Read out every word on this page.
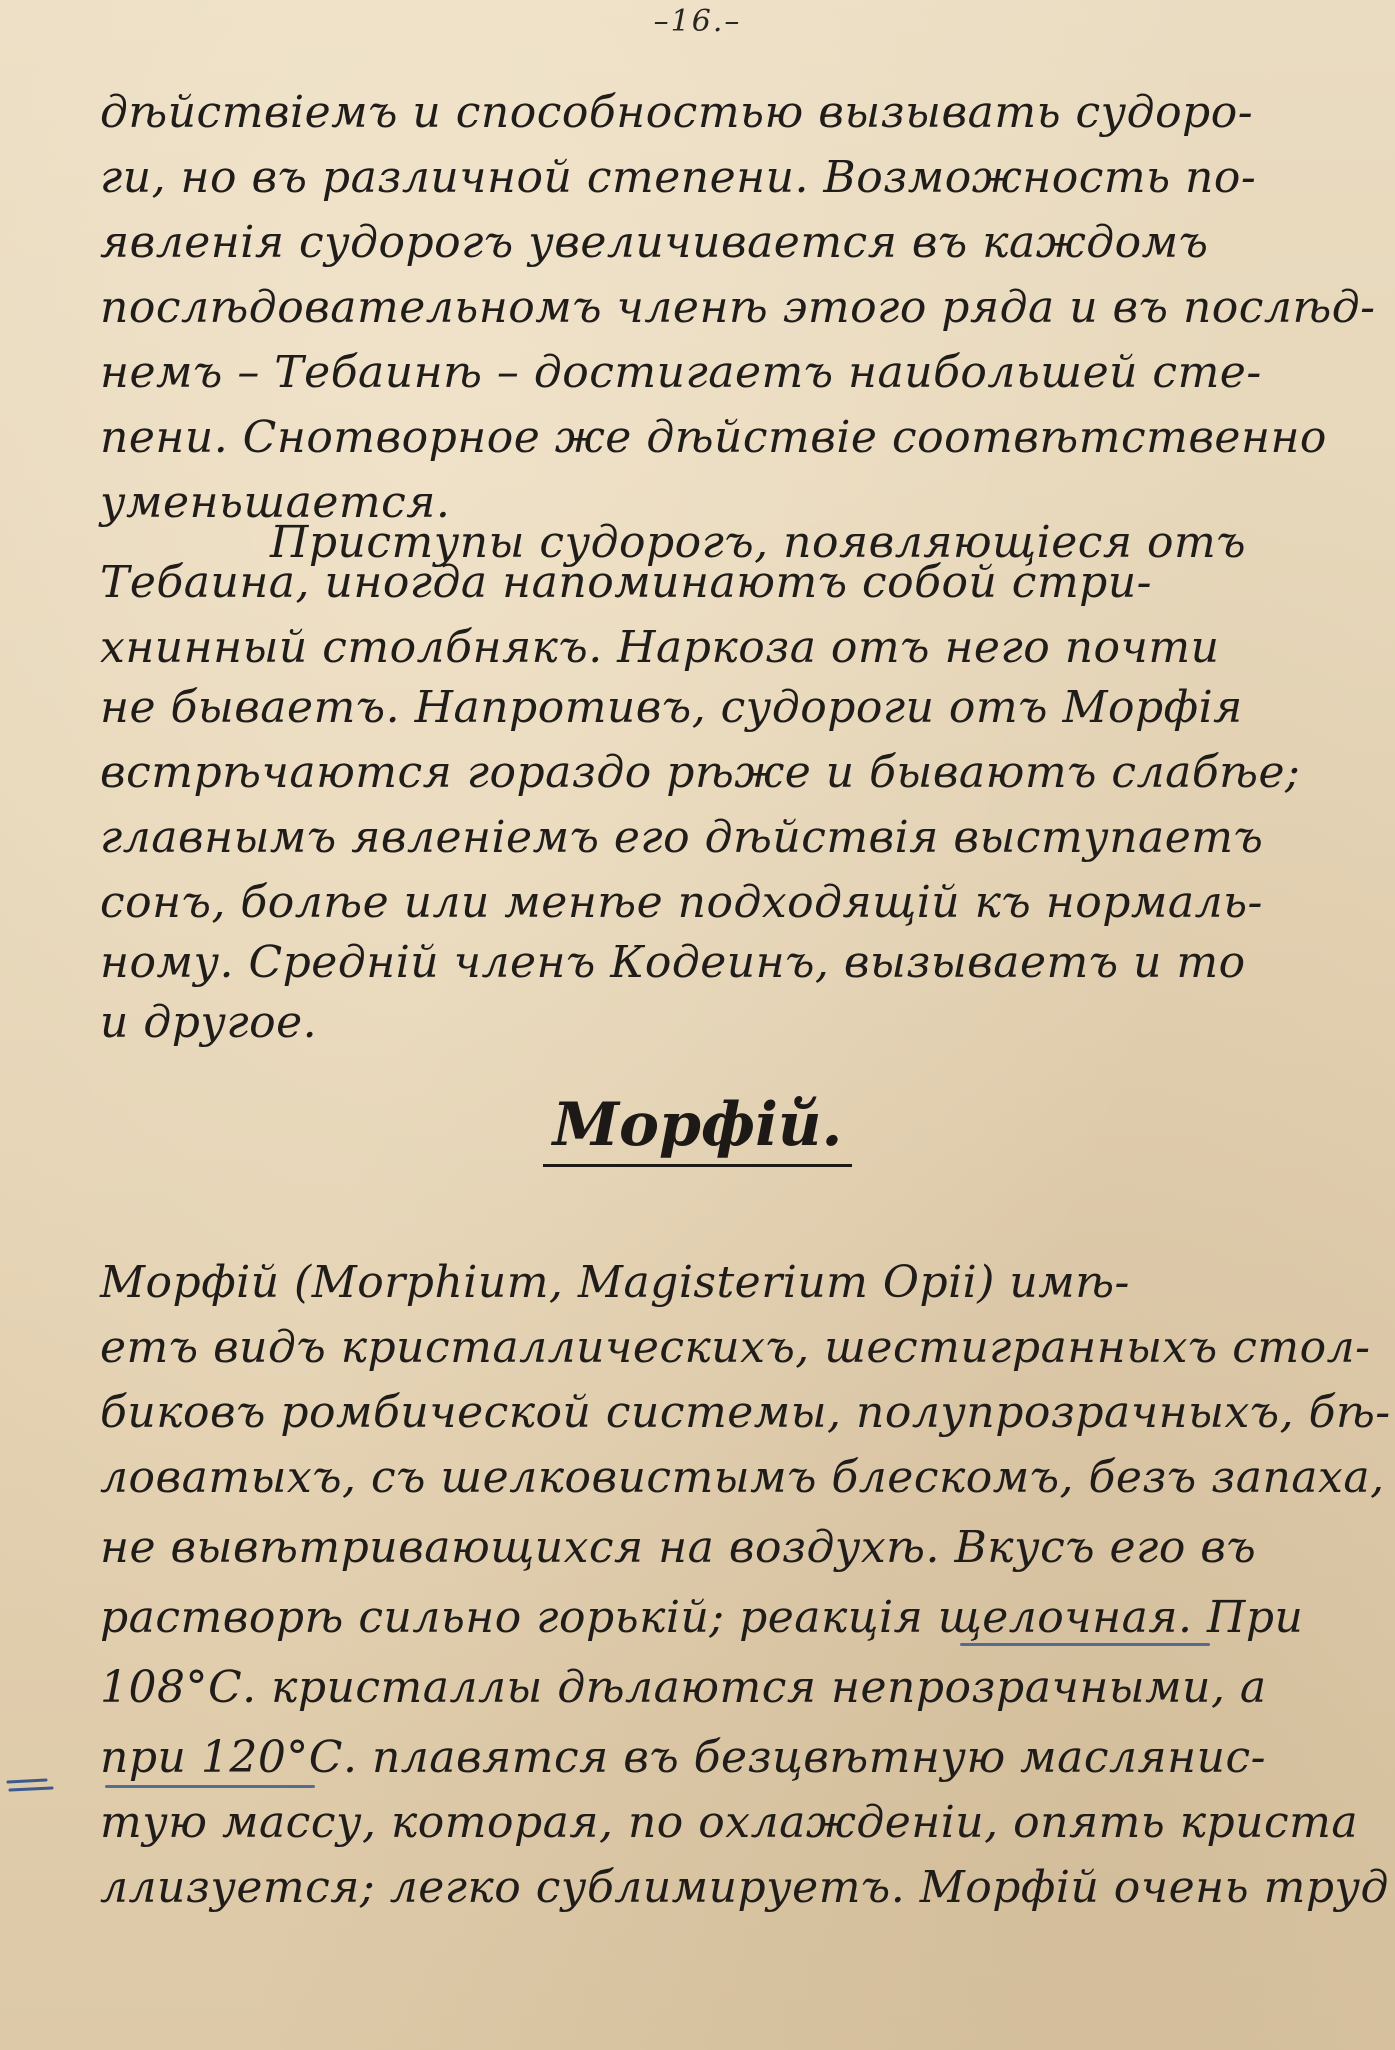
–16.–
дѣйствіемъ и способностью вызывать судоро-
ги, но въ различной степени. Возможность по-
явленія судорогъ увеличивается въ каждомъ
послѣдовательномъ членѣ этого ряда и въ послѣд-
немъ – Тебаинѣ – достигаетъ наибольшей сте-
пени. Снотворное же дѣйствіе соотвѣтственно
уменьшается.
Приступы судорогъ, появляющіеся отъ
Тебаина, иногда напоминаютъ собой стри-
хнинный столбнякъ. Наркоза отъ него почти
не бываетъ. Напротивъ, судороги отъ Морфія
встрѣчаются гораздо рѣже и бываютъ слабѣе;
главнымъ явленіемъ его дѣйствія выступаетъ
сонъ, болѣе или менѣе подходящій къ нормаль-
ному. Средній членъ Кодеинъ, вызываетъ и то
и другое.
Морфій.
Морфій (Morphium, Magisterium Opii) имѣ-
етъ видъ кристаллическихъ, шестигранныхъ стол-
биковъ ромбической системы, полупрозрачныхъ, бѣ-
ловатыхъ, съ шелковистымъ блескомъ, безъ запаха,
не вывѣтривающихся на воздухѣ. Вкусъ его въ
растворѣ сильно горькій; реакція щелочная. При
108°С. кристаллы дѣлаются непрозрачными, а
при 120°С. плавятся въ безцвѣтную маслянис-
тую массу, которая, по охлажденіи, опять криста
ллизуется; легко сублимируетъ. Морфій очень труд
